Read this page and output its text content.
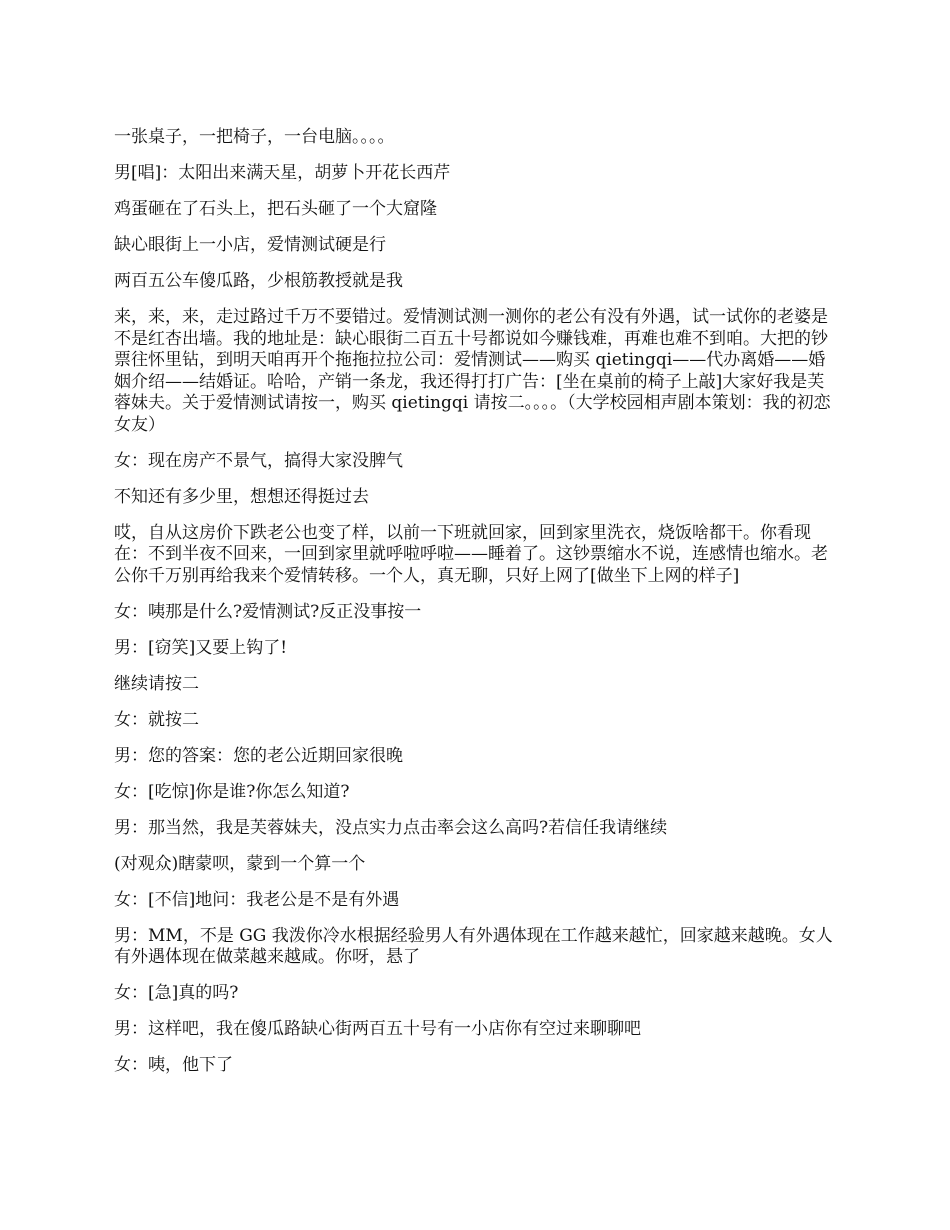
一张桌子，一把椅子，一台电脑。。。。

男[唱]：太阳出来满天星，胡萝卜开花长西芹

鸡蛋砸在了石头上，把石头砸了一个大窟隆

缺心眼街上一小店，爱情测试硬是行

两百五公车傻瓜路，少根筋教授就是我

来，来，来，走过路过千万不要错过。爱情测试测一测你的老公有没有外遇，试一试你的老婆是不是红杏出墙。我的地址是：缺心眼街二百五十号都说如今赚钱难，再难也难不到咱。大把的钞票往怀里钻，到明天咱再开个拖拖拉拉公司：爱情测试——购买 qietingqi——代办离婚——婚姻介绍——结婚证。哈哈，产销一条龙，我还得打打广告：[坐在桌前的椅子上敲]大家好我是芙蓉妹夫。关于爱情测试请按一，购买 qietingqi 请按二。。。。（大学校园相声剧本策划：我的初恋女友）

女：现在房产不景气，搞得大家没脾气

不知还有多少里，想想还得挺过去

哎，自从这房价下跌老公也变了样，以前一下班就回家，回到家里洗衣，烧饭啥都干。你看现在：不到半夜不回来，一回到家里就呼啦呼啦——睡着了。这钞票缩水不说，连感情也缩水。老公你千万别再给我来个爱情转移。一个人，真无聊，只好上网了[做坐下上网的样子]

女：咦那是什么?爱情测试?反正没事按一

男：[窃笑]又要上钩了!

继续请按二

女：就按二

男：您的答案：您的老公近期回家很晚

女：[吃惊]你是谁?你怎么知道?

男：那当然，我是芙蓉妹夫，没点实力点击率会这么高吗?若信任我请继续

(对观众)瞎蒙呗，蒙到一个算一个

女：[不信]地问：我老公是不是有外遇

男：MM，不是 GG 我泼你冷水根据经验男人有外遇体现在工作越来越忙，回家越来越晚。女人有外遇体现在做菜越来越咸。你呀，悬了

女：[急]真的吗?

男：这样吧，我在傻瓜路缺心街两百五十号有一小店你有空过来聊聊吧

女：咦，他下了
